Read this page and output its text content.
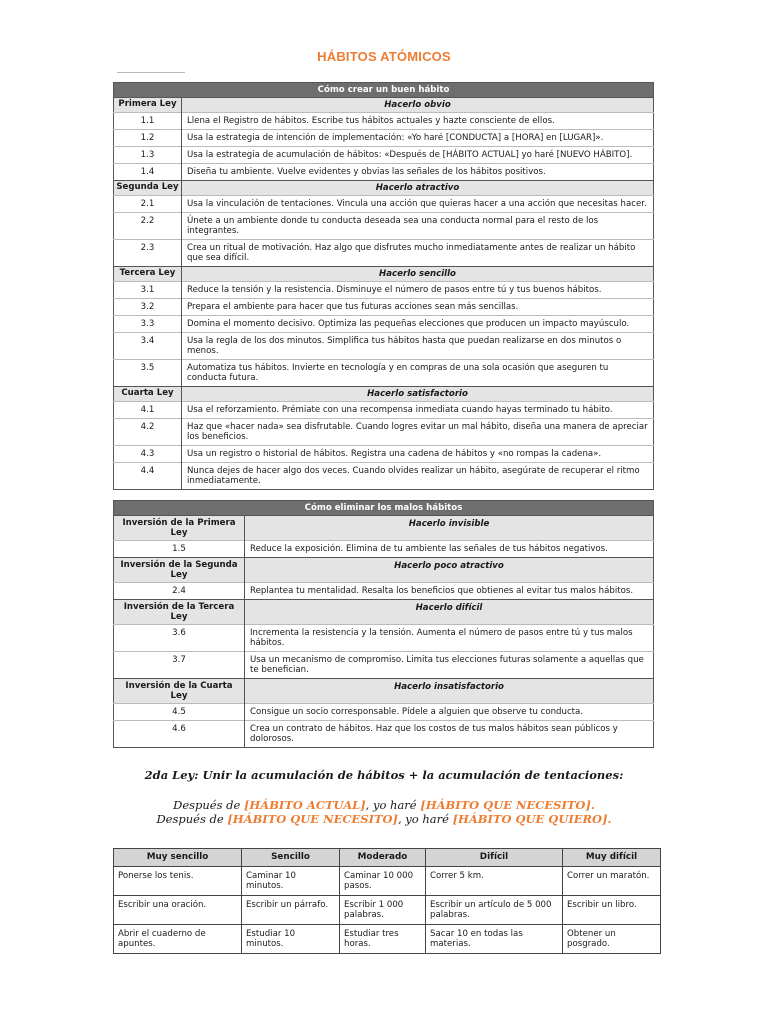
HÁBITOS ATÓMICOS
Cómo crear un buen hábito	
Primera Ley	Hacerlo obvio
1.1	Llena el Registro de hábitos. Escribe tus hábitos actuales y hazte consciente de ellos.
1.2	Usa la estrategia de intención de implementación: «Yo haré [CONDUCTA] a [HORA] en [LUGAR]».
1.3	Usa la estrategia de acumulación de hábitos: «Después de [HÁBITO ACTUAL] yo haré [NUEVO HÁBITO].
1.4	Diseña tu ambiente. Vuelve evidentes y obvias las señales de los hábitos positivos.
Segunda Ley	Hacerlo atractivo
2.1	Usa la vinculación de tentaciones. Vincula una acción que quieras hacer a una acción que necesitas hacer.
2.2	Únete a un ambiente donde tu conducta deseada sea una conducta normal para el resto de los integrantes.
2.3	Crea un ritual de motivación. Haz algo que disfrutes mucho inmediatamente antes de realizar un hábito que sea difícil.
Tercera Ley	Hacerlo sencillo
3.1	Reduce la tensión y la resistencia. Disminuye el número de pasos entre tú y tus buenos hábitos.
3.2	Prepara el ambiente para hacer que tus futuras acciones sean más sencillas.
3.3	Domina el momento decisivo. Optimiza las pequeñas elecciones que producen un impacto mayúsculo.
3.4	Usa la regla de los dos minutos. Simplifica tus hábitos hasta que puedan realizarse en dos minutos o menos.
3.5	Automatiza tus hábitos. Invierte en tecnología y en compras de una sola ocasión que aseguren tu conducta futura.
Cuarta Ley	Hacerlo satisfactorio
4.1	Usa el reforzamiento. Prémiate con una recompensa inmediata cuando hayas terminado tu hábito.
4.2	Haz que «hacer nada» sea disfrutable. Cuando logres evitar un mal hábito, diseña una manera de apreciar los beneficios.
4.3	Usa un registro o historial de hábitos. Registra una cadena de hábitos y «no rompas la cadena».
4.4	Nunca dejes de hacer algo dos veces. Cuando olvides realizar un hábito, asegúrate de recuperar el ritmo inmediatamente.
Cómo eliminar los malos hábitos	
Inversión de la Primera Ley	Hacerlo invisible
1.5	Reduce la exposición. Elimina de tu ambiente las señales de tus hábitos negativos.
Inversión de la Segunda Ley	Hacerlo poco atractivo
2.4	Replantea tu mentalidad. Resalta los beneficios que obtienes al evitar tus malos hábitos.
Inversión de la Tercera Ley	Hacerlo difícil
3.6	Incrementa la resistencia y la tensión. Aumenta el número de pasos entre tú y tus malos hábitos.
3.7	Usa un mecanismo de compromiso. Limita tus elecciones futuras solamente a aquellas que te benefician.
Inversión de la Cuarta Ley	Hacerlo insatisfactorio
4.5	Consigue un socio corresponsable. Pídele a alguien que observe tu conducta.
4.6	Crea un contrato de hábitos. Haz que los costos de tus malos hábitos sean públicos y dolorosos.
2da Ley: Unir la acumulación de hábitos + la acumulación de tentaciones:
Después de [HÁBITO ACTUAL], yo haré [HÁBITO QUE NECESITO].
Después de [HÁBITO QUE NECESITO], yo haré [HÁBITO QUE QUIERO].
Muy sencillo	Sencillo	Moderado	Difícil	Muy difícil
Ponerse los tenis.	Caminar 10 minutos.	Caminar 10 000 pasos.	Correr 5 km.	Correr un maratón.
Escribir una oración.	Escribir un párrafo.	Escribir 1 000 palabras.	Escribir un artículo de 5 000 palabras.	Escribir un libro.
Abrir el cuaderno de apuntes.	Estudiar 10 minutos.	Estudiar tres horas.	Sacar 10 en todas las materias.	Obtener un posgrado.
